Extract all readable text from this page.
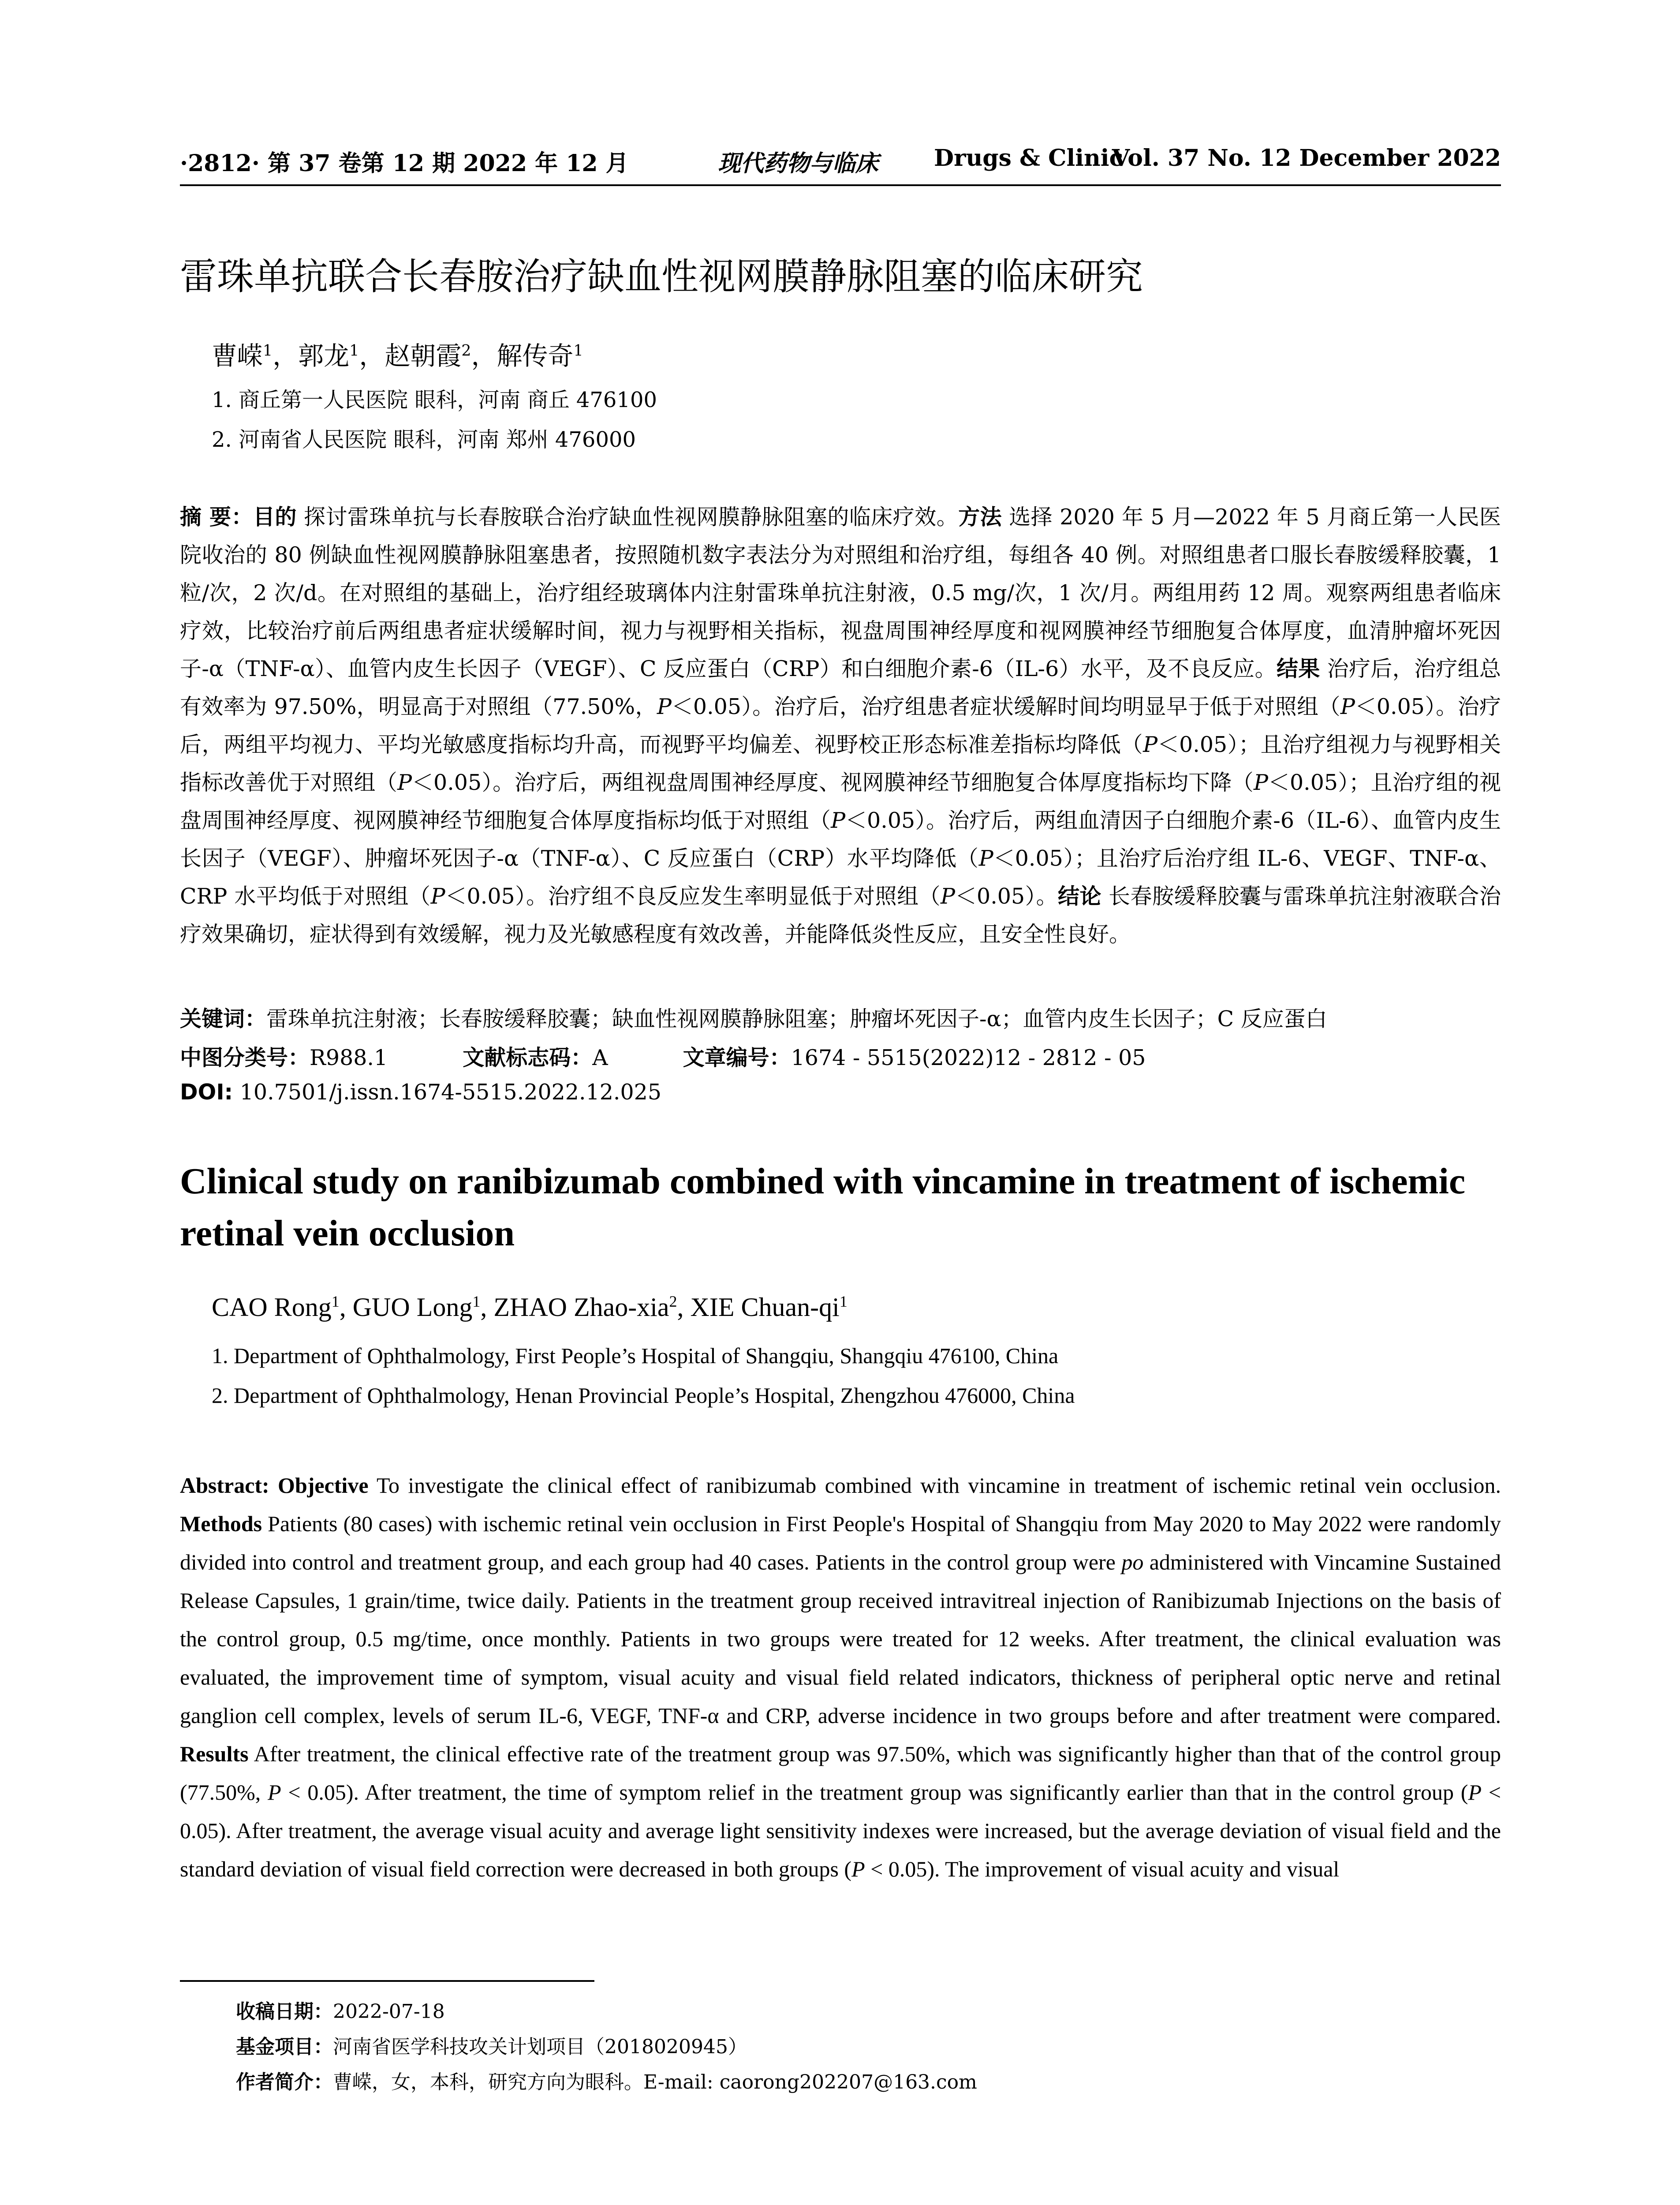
·2812· 第 37 卷第 12 期 2022 年 12 月	现代药物与临床 Drugs & Clinic
Vol. 37 No. 12 December 2022
雷珠单抗联合长春胺治疗缺血性视网膜静脉阻塞的临床研究
曹嵘$^1$，郭龙$^1$，赵朝霞$^2$，解传奇$^1$
1. 商丘第一人民医院 眼科，河南 商丘 476100
2. 河南省人民医院 眼科，河南 郑州 476000

摘 要：目的 探讨雷珠单抗与长春胺联合治疗缺血性视网膜静脉阻塞的临床疗效。方法 选择 2020 年 5 月—2022 年 5 月商丘第一人民医院收治的 80 例缺血性视网膜静脉阻塞患者，按照随机数字表法分为对照组和治疗组，每组各 40 例。对照组患者口服长春胺缓释胶囊，1 粒/次，2 次/d。在对照组的基础上，治疗组经玻璃体内注射雷珠单抗注射液，0.5 mg/次，1 次/月。两组用药 12 周。观察两组患者临床疗效，比较治疗前后两组患者症状缓解时间，视力与视野相关指标，视盘周围神经厚度和视网膜神经节细胞复合体厚度，血清肿瘤坏死因子-α（TNF-α）、血管内皮生长因子（VEGF）、C 反应蛋白（CRP）和白细胞介素-6（IL-6）水平，及不良反应。结果 治疗后，治疗组总有效率为 97.50%，明显高于对照组（77.50%，P＜0.05）。治疗后，治疗组患者症状缓解时间均明显早于低于对照组（P＜0.05）。治疗后，两组平均视力、平均光敏感度指标均升高，而视野平均偏差、视野校正形态标准差指标均降低（P＜0.05）；且治疗组视力与视野相关指标改善优于对照组（P＜0.05）。治疗后，两组视盘周围神经厚度、视网膜神经节细胞复合体厚度指标均下降（P＜0.05）；且治疗组的视盘周围神经厚度、视网膜神经节细胞复合体厚度指标均低于对照组（P＜0.05）。治疗后，两组血清因子白细胞介素-6（IL-6）、血管内皮生长因子（VEGF）、肿瘤坏死因子-α（TNF-α）、C 反应蛋白（CRP）水平均降低（P＜0.05）；且治疗后治疗组 IL-6、VEGF、TNF-α、CRP 水平均低于对照组（P＜0.05）。治疗组不良反应发生率明显低于对照组（P＜0.05）。结论 长春胺缓释胶囊与雷珠单抗注射液联合治疗效果确切，症状得到有效缓解，视力及光敏感程度有效改善，并能降低炎性反应，且安全性良好。

关键词：雷珠单抗注射液；长春胺缓释胶囊；缺血性视网膜静脉阻塞；肿瘤坏死因子-α；血管内皮生长因子；C 反应蛋白
中图分类号：R988.1	文献标志码：A	文章编号：1674 - 5515(2022)12 - 2812 - 05
DOI: 10.7501/j.issn.1674-5515.2022.12.025
Clinical study on ranibizumab combined with vincamine in treatment of ischemic retinal vein occlusion
CAO Rong$^1$, GUO Long$^1$, ZHAO Zhao-xia$^2$, XIE Chuan-$qi^1$
1. Department of Ophthalmology, First People’s Hospital of Shangqiu, Shangqiu 476100, China
2. Department of Ophthalmology, Henan Provincial People’s Hospital, Zhengzhou 476000, China

Abstract: Objective To investigate the clinical effect of ranibizumab combined with vincamine in treatment of ischemic retinal vein occlusion. Methods Patients (80 cases) with ischemic retinal vein occlusion in First People's Hospital of Shangqiu from May 2020 to May 2022 were randomly divided into control and treatment group, and each group had 40 cases. Patients in the control group were po administered with Vincamine Sustained Release Capsules, 1 grain/time, twice daily. Patients in the treatment group received intravitreal injection of Ranibizumab Injections on the basis of the control group, 0.5 mg/time, once monthly. Patients in two groups were treated for 12 weeks. After treatment, the clinical evaluation was evaluated, the improvement time of symptom, visual acuity and visual field related indicators, thickness of peripheral optic nerve and retinal ganglion cell complex, levels of serum IL-6, VEGF, TNF-α and CRP, adverse incidence in two groups before and after treatment were compared. Results After treatment, the clinical effective rate of the treatment group was 97.50%, which was significantly higher than that of the control group (77.50%, P < 0.05). After treatment, the time of symptom relief in the treatment group was significantly earlier than that in the control group (P < 0.05). After treatment, the average visual acuity and average light sensitivity indexes were increased, but the average deviation of visual field and the standard deviation of visual field correction were decreased in both groups (P < 0.05). The improvement of visual acuity and visual

收稿日期：2022-07-18
基金项目：河南省医学科技攻关计划项目（2018020945）
作者简介：曹嵘，女，本科，研究方向为眼科。E-mail: caorong202207@163.com
